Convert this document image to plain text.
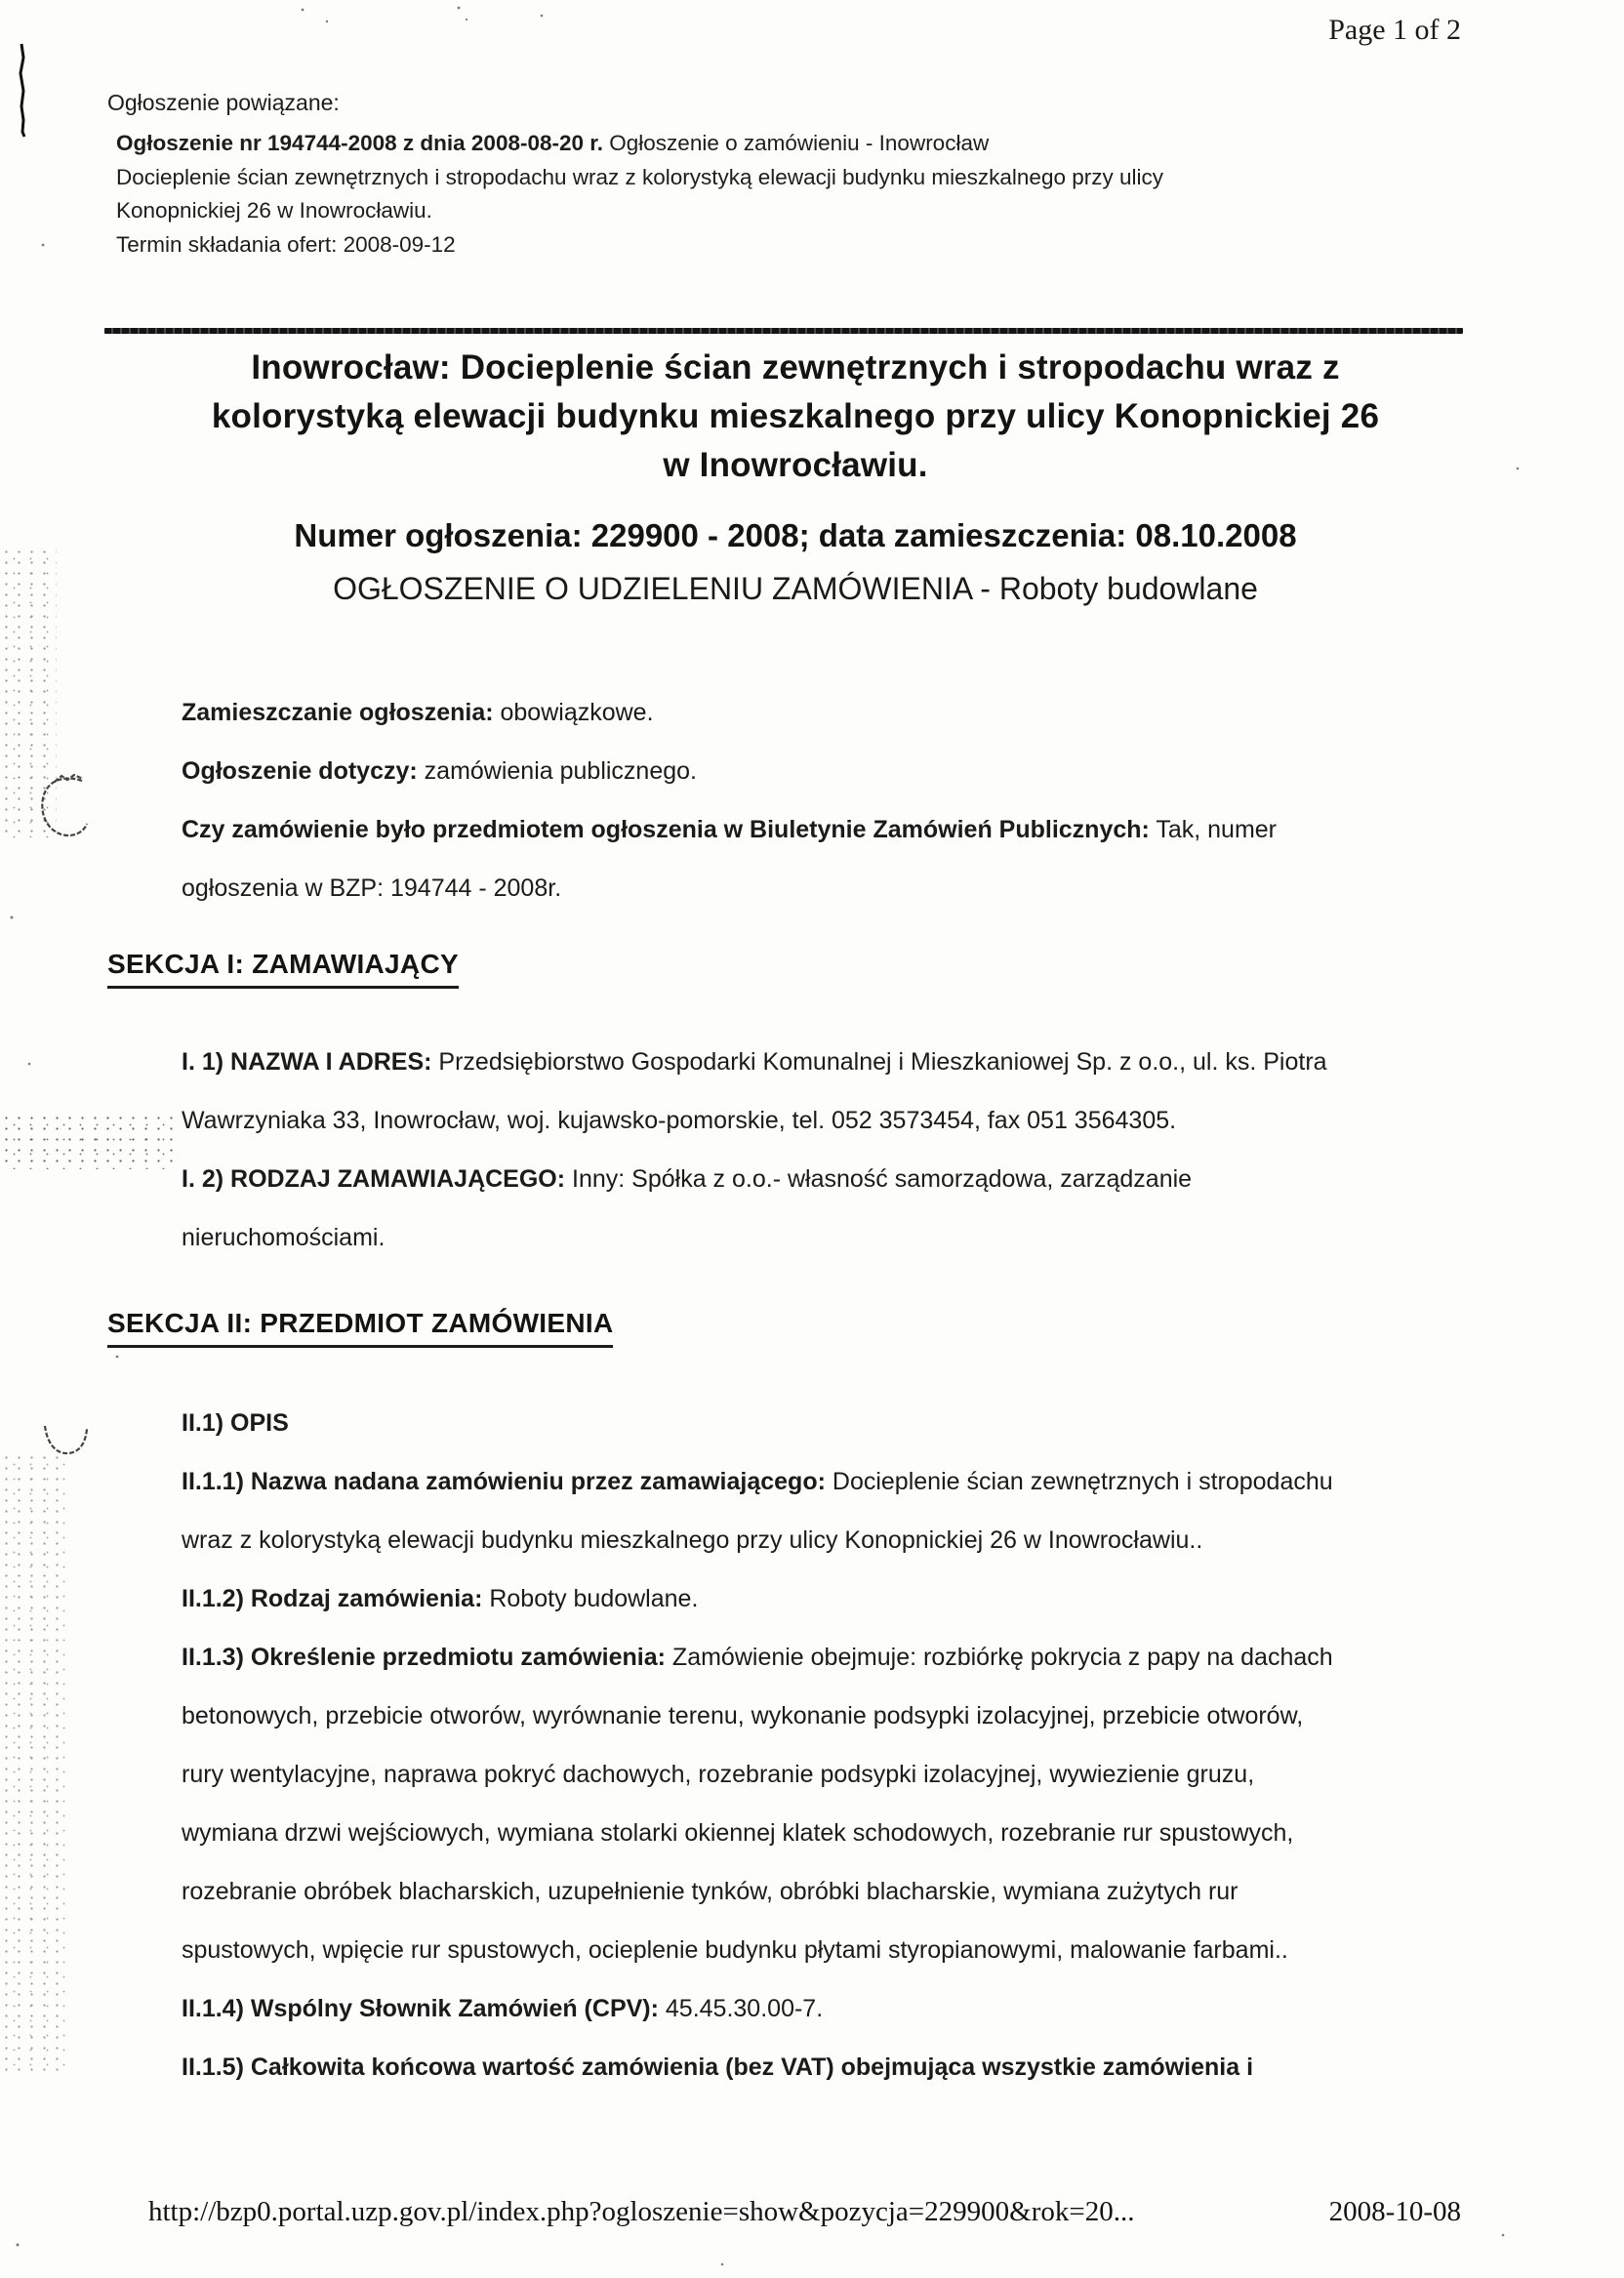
Page 1 of 2
Ogłoszenie powiązane:
Ogłoszenie nr 194744-2008 z dnia 2008-08-20 r. Ogłoszenie o zamówieniu - Inowrocław
Docieplenie ścian zewnętrznych i stropodachu wraz z kolorystyką elewacji budynku mieszkalnego przy ulicy
Konopnickiej 26 w Inowrocławiu.
Termin składania ofert: 2008-09-12
Inowrocław: Docieplenie ścian zewnętrznych i stropodachu wraz z
kolorystyką elewacji budynku mieszkalnego przy ulicy Konopnickiej 26
w Inowrocławiu.
Numer ogłoszenia: 229900 - 2008; data zamieszczenia: 08.10.2008
OGŁOSZENIE O UDZIELENIU ZAMÓWIENIA - Roboty budowlane
Zamieszczanie ogłoszenia: obowiązkowe.
Ogłoszenie dotyczy: zamówienia publicznego.
Czy zamówienie było przedmiotem ogłoszenia w Biuletynie Zamówień Publicznych: Tak, numer
ogłoszenia w BZP: 194744 - 2008r.
SEKCJA I: ZAMAWIAJĄCY
I. 1) NAZWA I ADRES: Przedsiębiorstwo Gospodarki Komunalnej i Mieszkaniowej Sp. z o.o., ul. ks. Piotra
Wawrzyniaka 33, Inowrocław, woj. kujawsko-pomorskie, tel. 052 3573454, fax 051 3564305.
I. 2) RODZAJ ZAMAWIAJĄCEGO: Inny: Spółka z o.o.- własność samorządowa, zarządzanie
nieruchomościami.
SEKCJA II: PRZEDMIOT ZAMÓWIENIA
II.1) OPIS
II.1.1) Nazwa nadana zamówieniu przez zamawiającego: Docieplenie ścian zewnętrznych i stropodachu
wraz z kolorystyką elewacji budynku mieszkalnego przy ulicy Konopnickiej 26 w Inowrocławiu..
II.1.2) Rodzaj zamówienia: Roboty budowlane.
II.1.3) Określenie przedmiotu zamówienia: Zamówienie obejmuje: rozbiórkę pokrycia z papy na dachach
betonowych, przebicie otworów, wyrównanie terenu, wykonanie podsypki izolacyjnej, przebicie otworów,
rury wentylacyjne, naprawa pokryć dachowych, rozebranie podsypki izolacyjnej, wywiezienie gruzu,
wymiana drzwi wejściowych, wymiana stolarki okiennej klatek schodowych, rozebranie rur spustowych,
rozebranie obróbek blacharskich, uzupełnienie tynków, obróbki blacharskie, wymiana zużytych rur
spustowych, wpięcie rur spustowych, ocieplenie budynku płytami styropianowymi, malowanie farbami..
II.1.4) Wspólny Słownik Zamówień (CPV): 45.45.30.00-7.
II.1.5) Całkowita końcowa wartość zamówienia (bez VAT) obejmująca wszystkie zamówienia i
http://bzp0.portal.uzp.gov.pl/index.php?ogloszenie=show&pozycja=229900&rok=20...	2008-10-08
